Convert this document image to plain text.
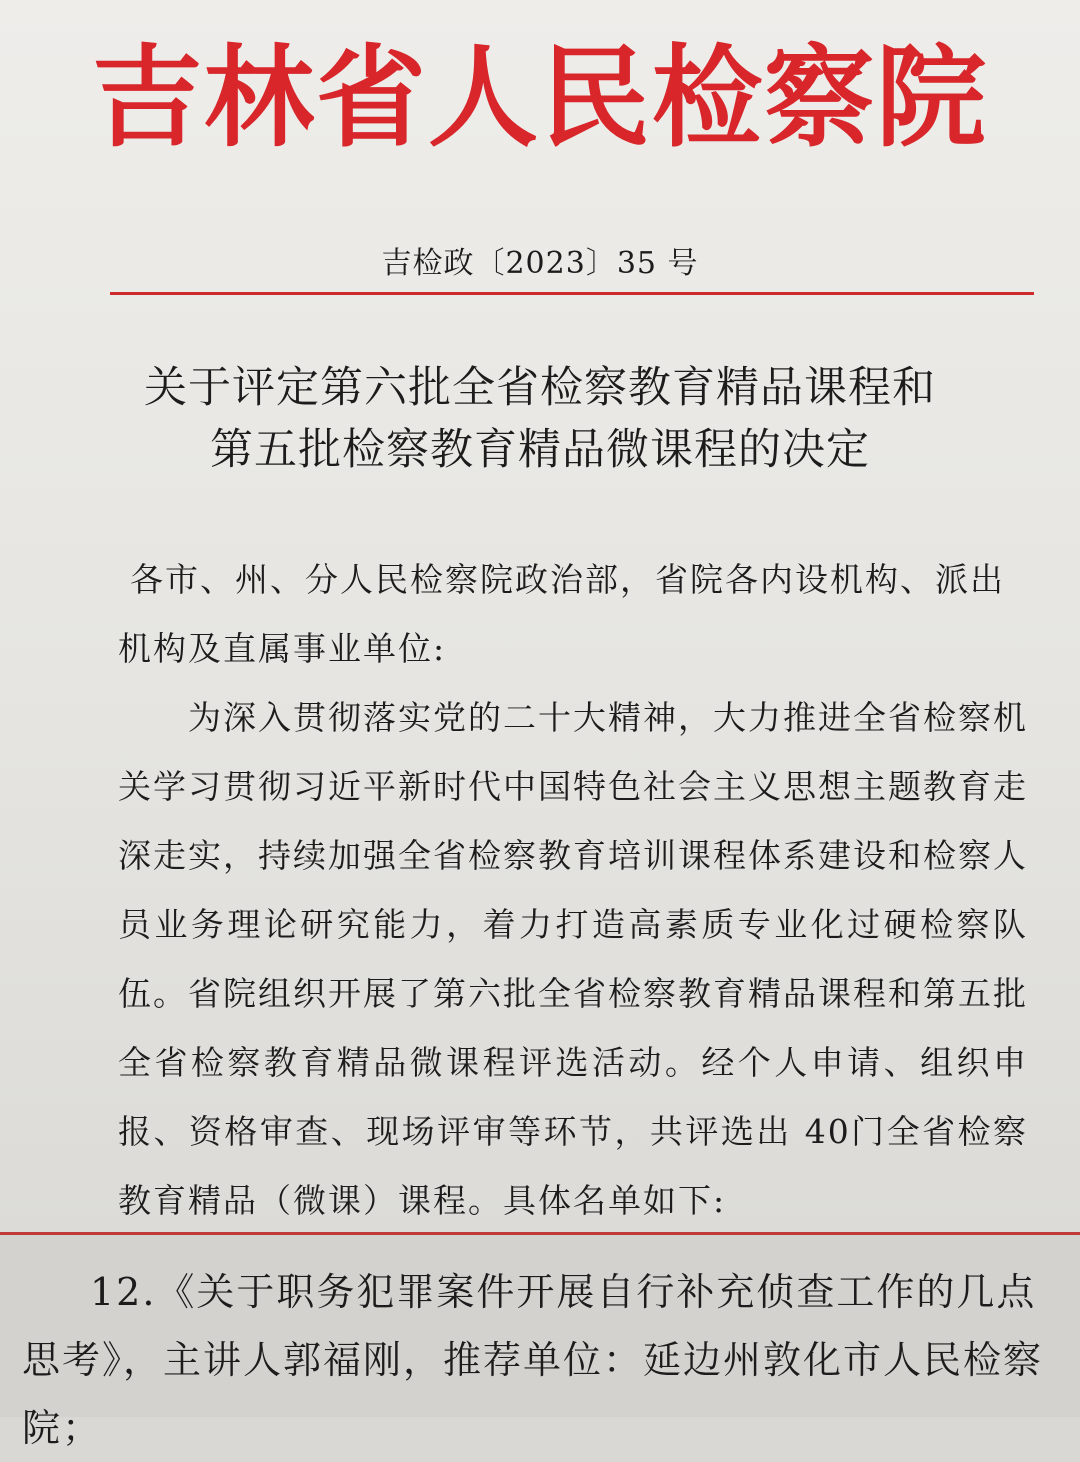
吉林省人民检察院
吉检政〔2023〕35 号
关于评定第六批全省检察教育精品课程和
第五批检察教育精品微课程的决定
各市、州、分人民检察院政治部，省院各内设机构、派出机构及直属事业单位:
为深入贯彻落实党的二十大精神，大力推进全省检察机关学习贯彻习近平新时代中国特色社会主义思想主题教育走深走实，持续加强全省检察教育培训课程体系建设和检察人员业务理论研究能力，着力打造高素质专业化过硬检察队伍。省院组织开展了第六批全省检察教育精品课程和第五批全省检察教育精品微课程评选活动。经个人申请、组织申报、资格审查、现场评审等环节，共评选出 40门全省检察教育精品（微课）课程。具体名单如下:
12.《关于职务犯罪案件开展自行补充侦查工作的几点思考》，主讲人郭福刚，推荐单位：延边州敦化市人民检察院；
